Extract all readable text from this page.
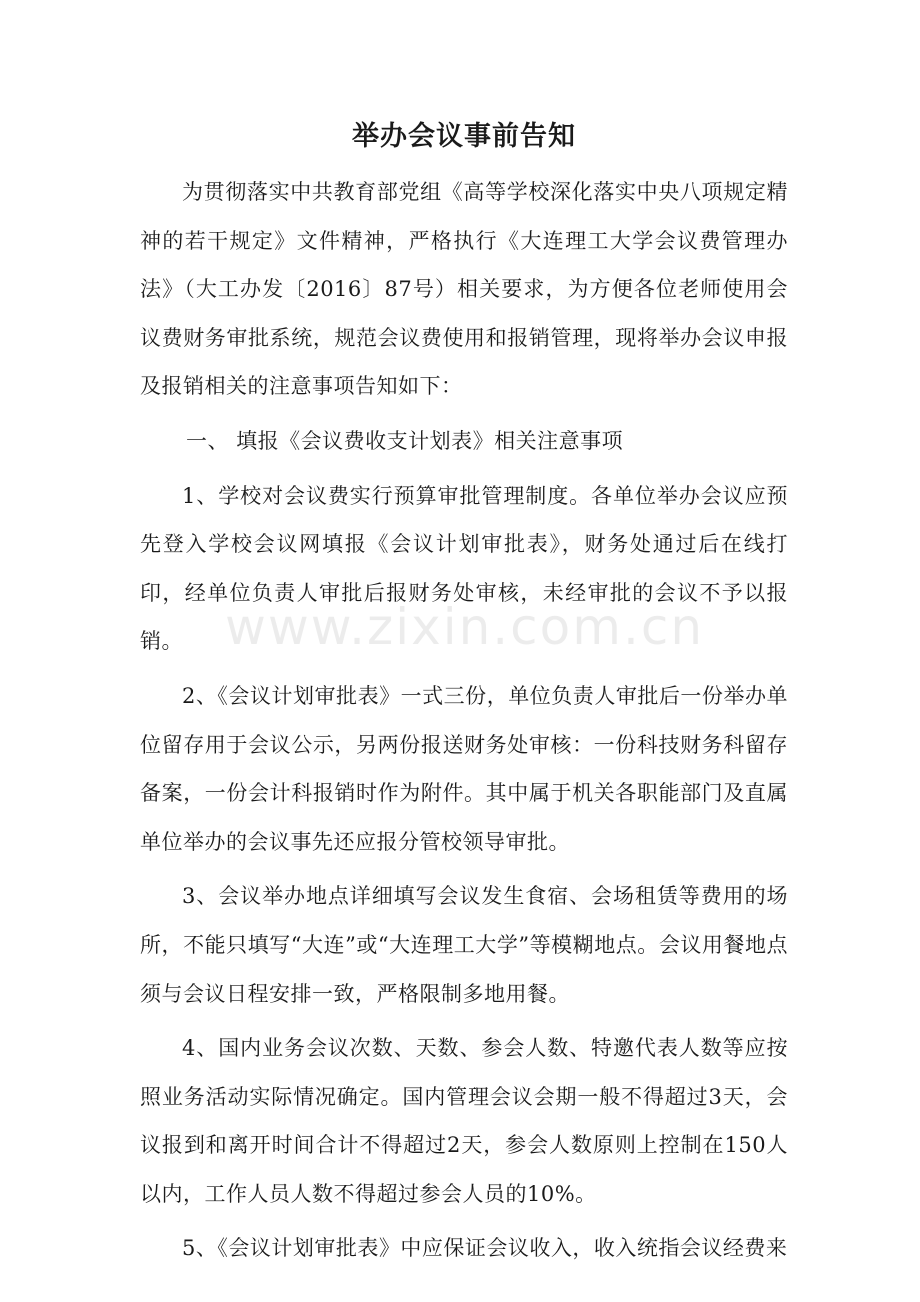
www.zixin.com.cn
举办会议事前告知

为贯彻落实中共教育部党组《高等学校深化落实中央八项规定精神的若干规定》文件精神，严格执行《大连理工大学会议费管理办法》（大工办发〔2016〕87号）相关要求，为方便各位老师使用会议费财务审批系统，规范会议费使用和报销管理，现将举办会议申报及报销相关的注意事项告知如下：

一、 填报《会议费收支计划表》相关注意事项

1、学校对会议费实行预算审批管理制度。各单位举办会议应预先登入学校会议网填报《会议计划审批表》，财务处通过后在线打印，经单位负责人审批后报财务处审核，未经审批的会议不予以报销。

2、《会议计划审批表》一式三份，单位负责人审批后一份举办单位留存用于会议公示，另两份报送财务处审核：一份科技财务科留存备案，一份会计科报销时作为附件。其中属于机关各职能部门及直属单位举办的会议事先还应报分管校领导审批。

3、会议举办地点详细填写会议发生食宿、会场租赁等费用的场所，不能只填写“大连”或“大连理工大学”等模糊地点。会议用餐地点须与会议日程安排一致，严格限制多地用餐。

4、国内业务会议次数、天数、参会人数、特邀代表人数等应按照业务活动实际情况确定。国内管理会议会期一般不得超过3天，会议报到和离开时间合计不得超过2天，参会人数原则上控制在150人以内，工作人员人数不得超过参会人员的10%。

5、《会议计划审批表》中应保证会议收入，收入统指会议经费来
